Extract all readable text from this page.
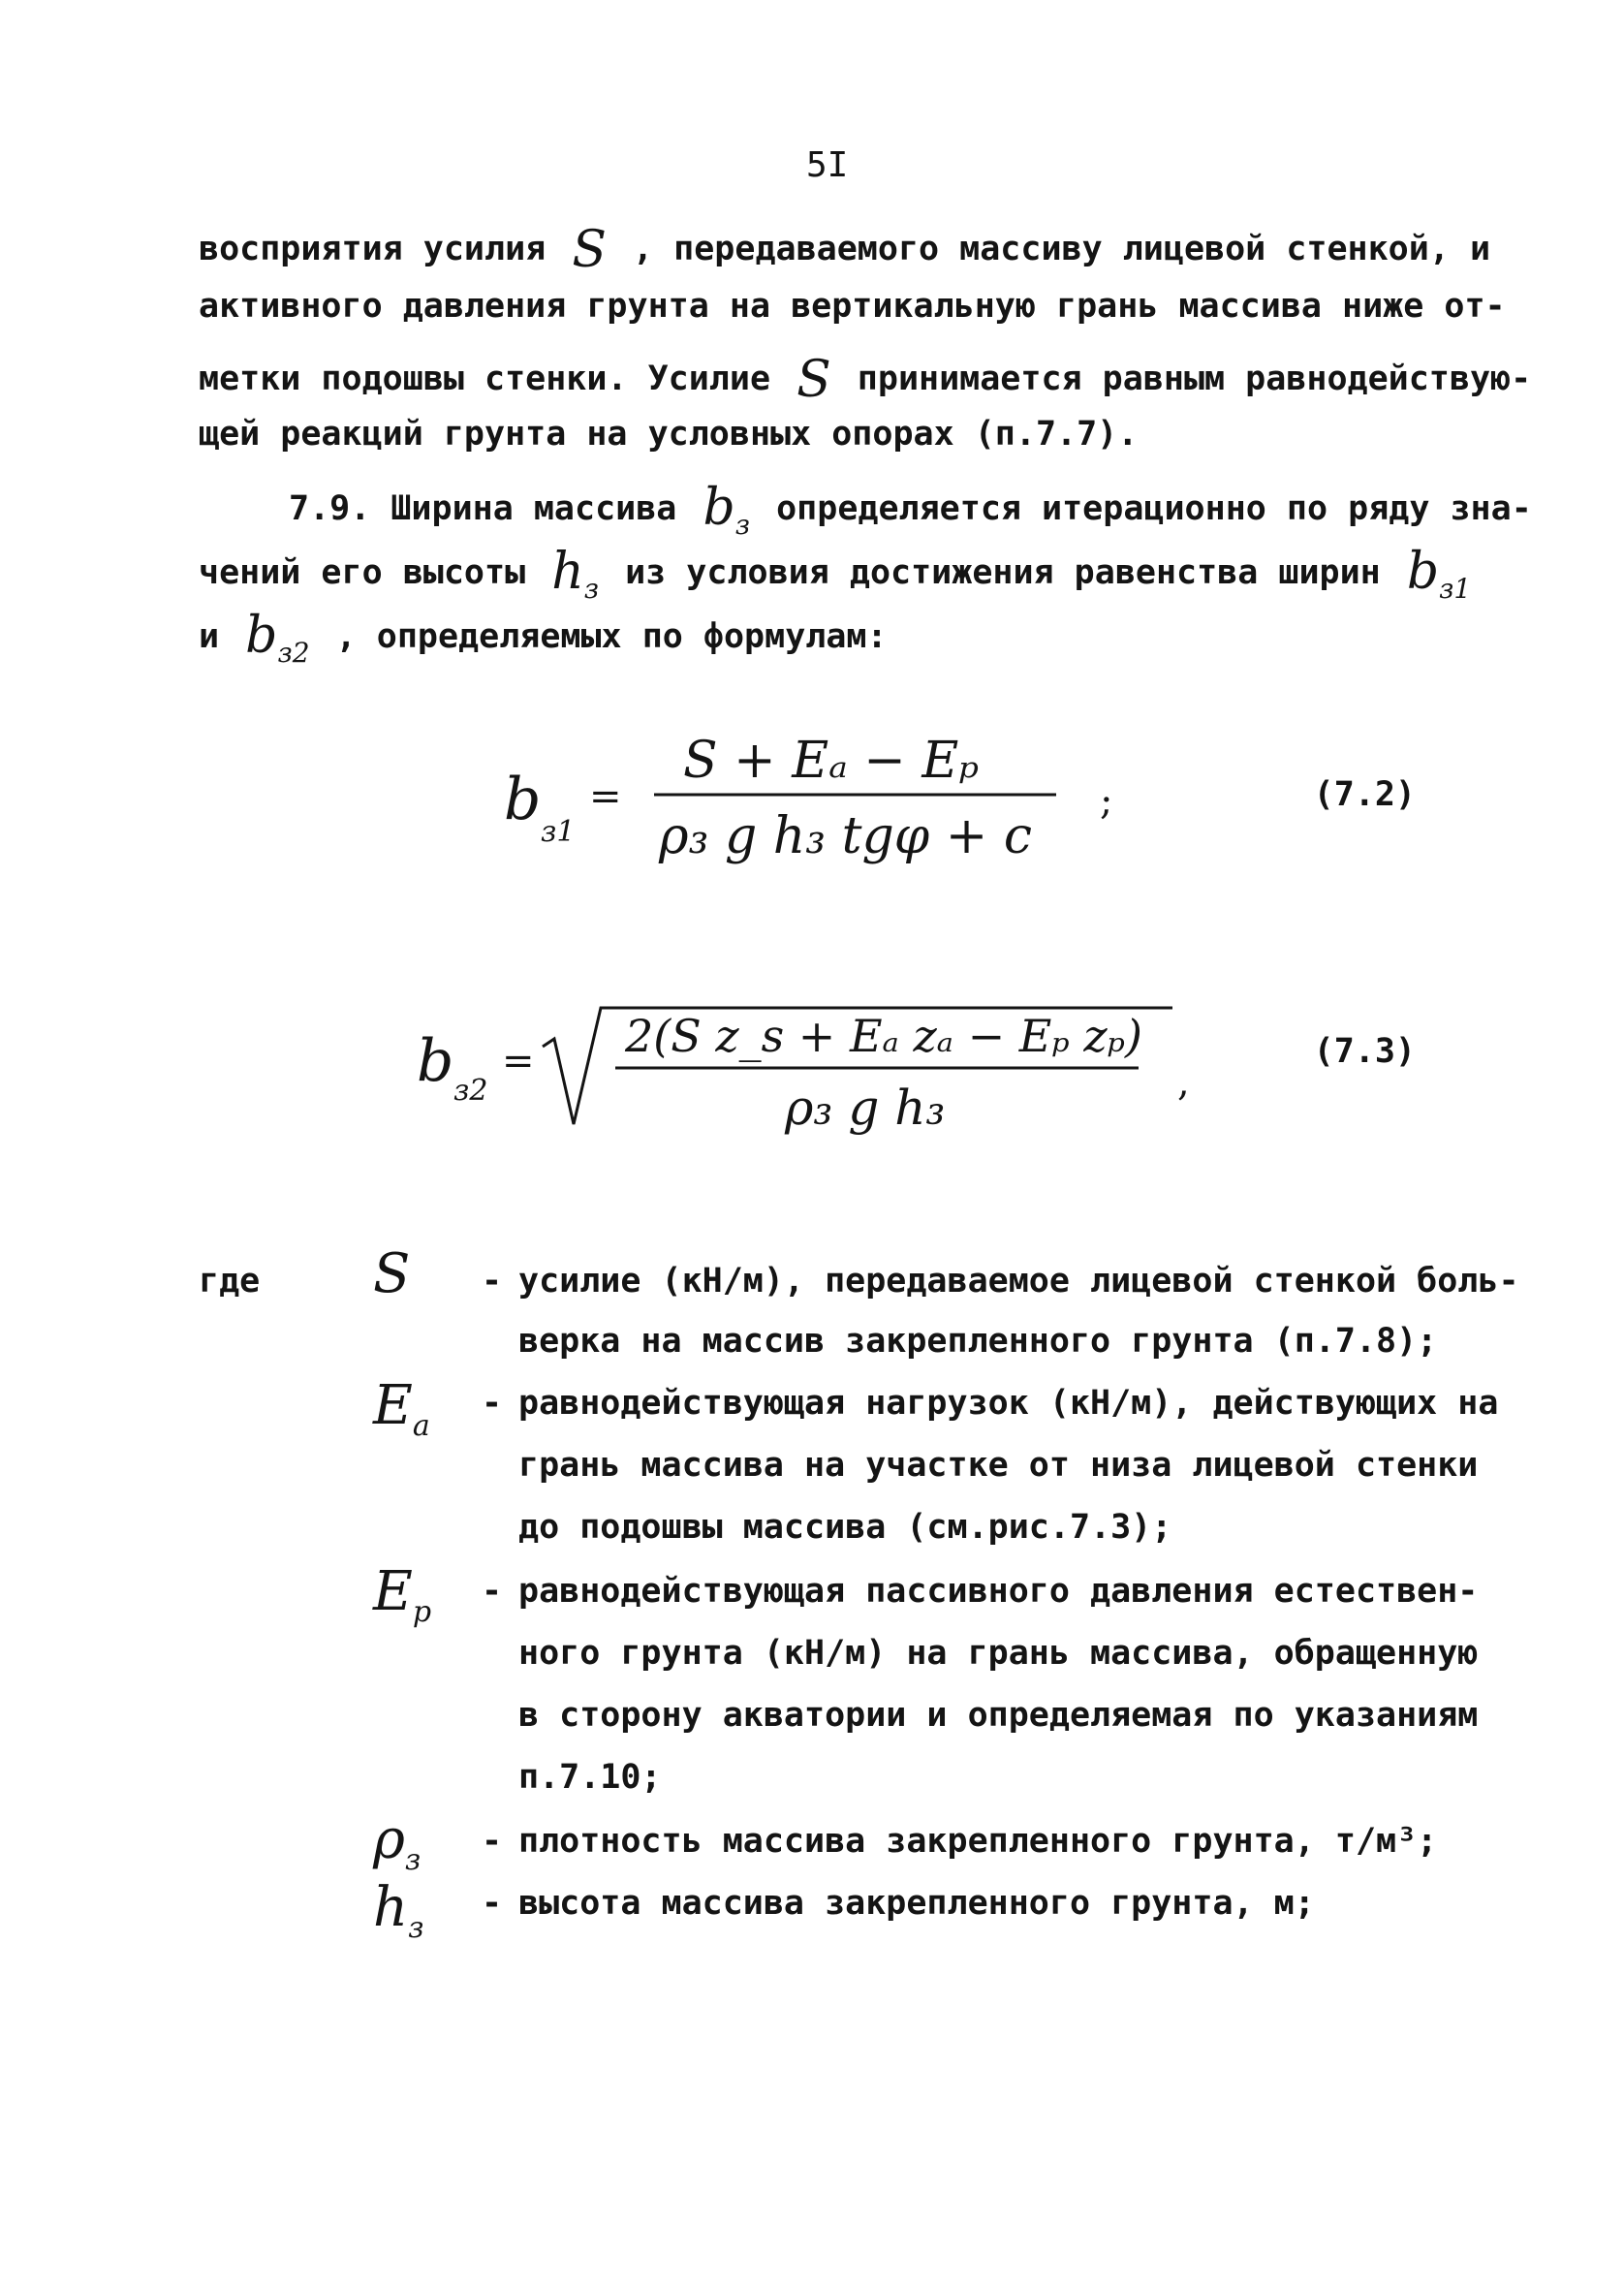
5I
восприятия усилия S , передаваемого массиву лицевой стенкой, и
активного давления грунта на вертикальную грань массива ниже от-
метки подошвы стенки. Усилие S принимается равным равнодействую-
щей реакций грунта на условных опорах (п.7.7).
7.9. Ширина массива $b_з$ определяется итерационно по ряду зна-
чений его высоты $h_з$ из условия достижения равенства ширин $b_{з1}$
и $b_{з2}$ , определяемых по формулам:
b з1
=
S + Eₐ − Eₚ
ρ₃ g h₃ tgφ + c
;	(7.2)
b з2
= 2(S z_s + Eₐ zₐ − Eₚ zₚ)
ρ₃ g h₃	,
(7.3)
где S - усилие (кН/м), передаваемое лицевой стенкой боль-
верка на массив закрепленного грунта (п.7.8);
$E_a$
- равнодействующая нагрузок (кН/м), действующих на
грань массива на участке от низа лицевой стенки
до подошвы массива (см.рис.7.3);
$E_p$
- равнодействующая пассивного давления естествен-
ного грунта (кН/м) на грань массива, обращенную
в сторону акватории и определяемая по указаниям
п.7.10;
$\rho_з$ - плотность массива закрепленного грунта, т/м³;
$h_з$
- высота массива закрепленного грунта, м;
